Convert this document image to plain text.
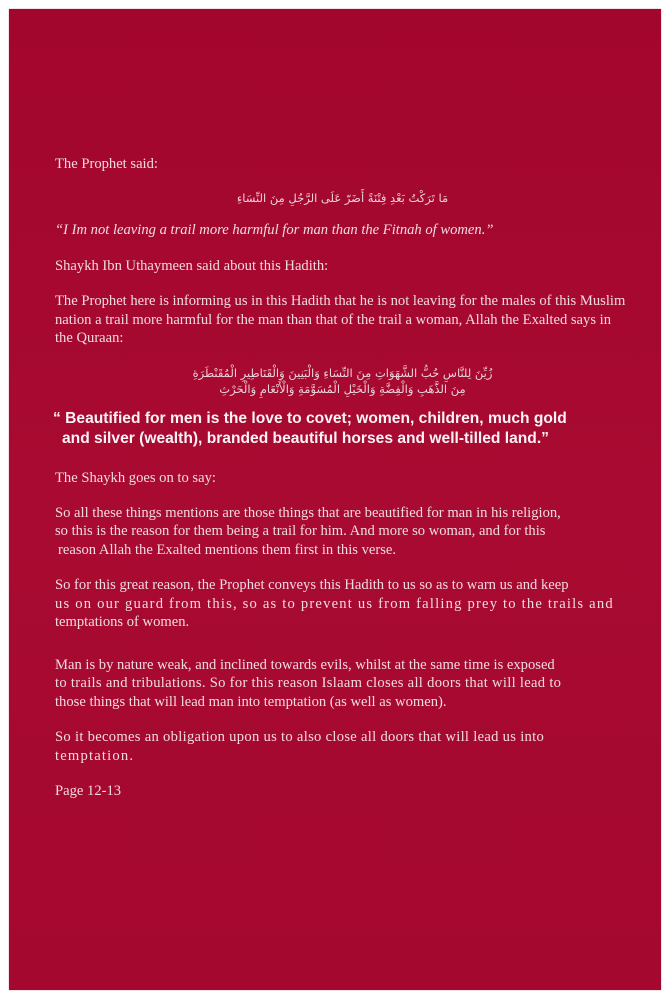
The Prophet said:

مَا تَرَكْتُ بَعْدِ فِتْنَةً أَضَرّ عَلَى الرَّجُلِ مِنَ النِّسَاءِ

“I Im not leaving a trail more harmful for man than the Fitnah of women.”

Shaykh Ibn Uthaymeen said about this Hadith:

The Prophet here is informing us in this Hadith that he is not leaving for the males of this Muslim nation a trail more harmful for the man than that of the trail a woman, Allah the Exalted says in the Quraan:

زُيِّنَ لِلنَّاسِ حُبُّ الشَّهَوَاتِ مِنَ النِّسَاءِ وَالْبَنِينَ وَالْقَنَاطِيرِ الْمُقَنْطَرَةِ
مِنَ الذَّهَبِ وَالْفِضَّةِ وَالْخَيْلِ الْمُسَوَّمَةِ وَالْأَنْعَامِ وَالْحَرْثِ

“ Beautified for men is the love to covet; women, children, much gold
and silver (wealth), branded beautiful horses and well-tilled land.”

The Shaykh goes on to say:

So all these things mentions are those things that are beautified for man in his religion,
so this is the reason for them being a trail for him. And more so woman, and for this
reason Allah the Exalted mentions them first in this verse.

So for this great reason, the Prophet conveys this Hadith to us so as to warn us and keep
us on our guard from this, so as to prevent us from falling prey to the trails and
temptations of women.

Man is by nature weak, and inclined towards evils, whilst at the same time is exposed
to trails and tribulations. So for this reason Islaam closes all doors that will lead to
those things that will lead man into temptation (as well as women).

So it becomes an obligation upon us to also close all doors that will lead us into
temptation.

Page 12-13
